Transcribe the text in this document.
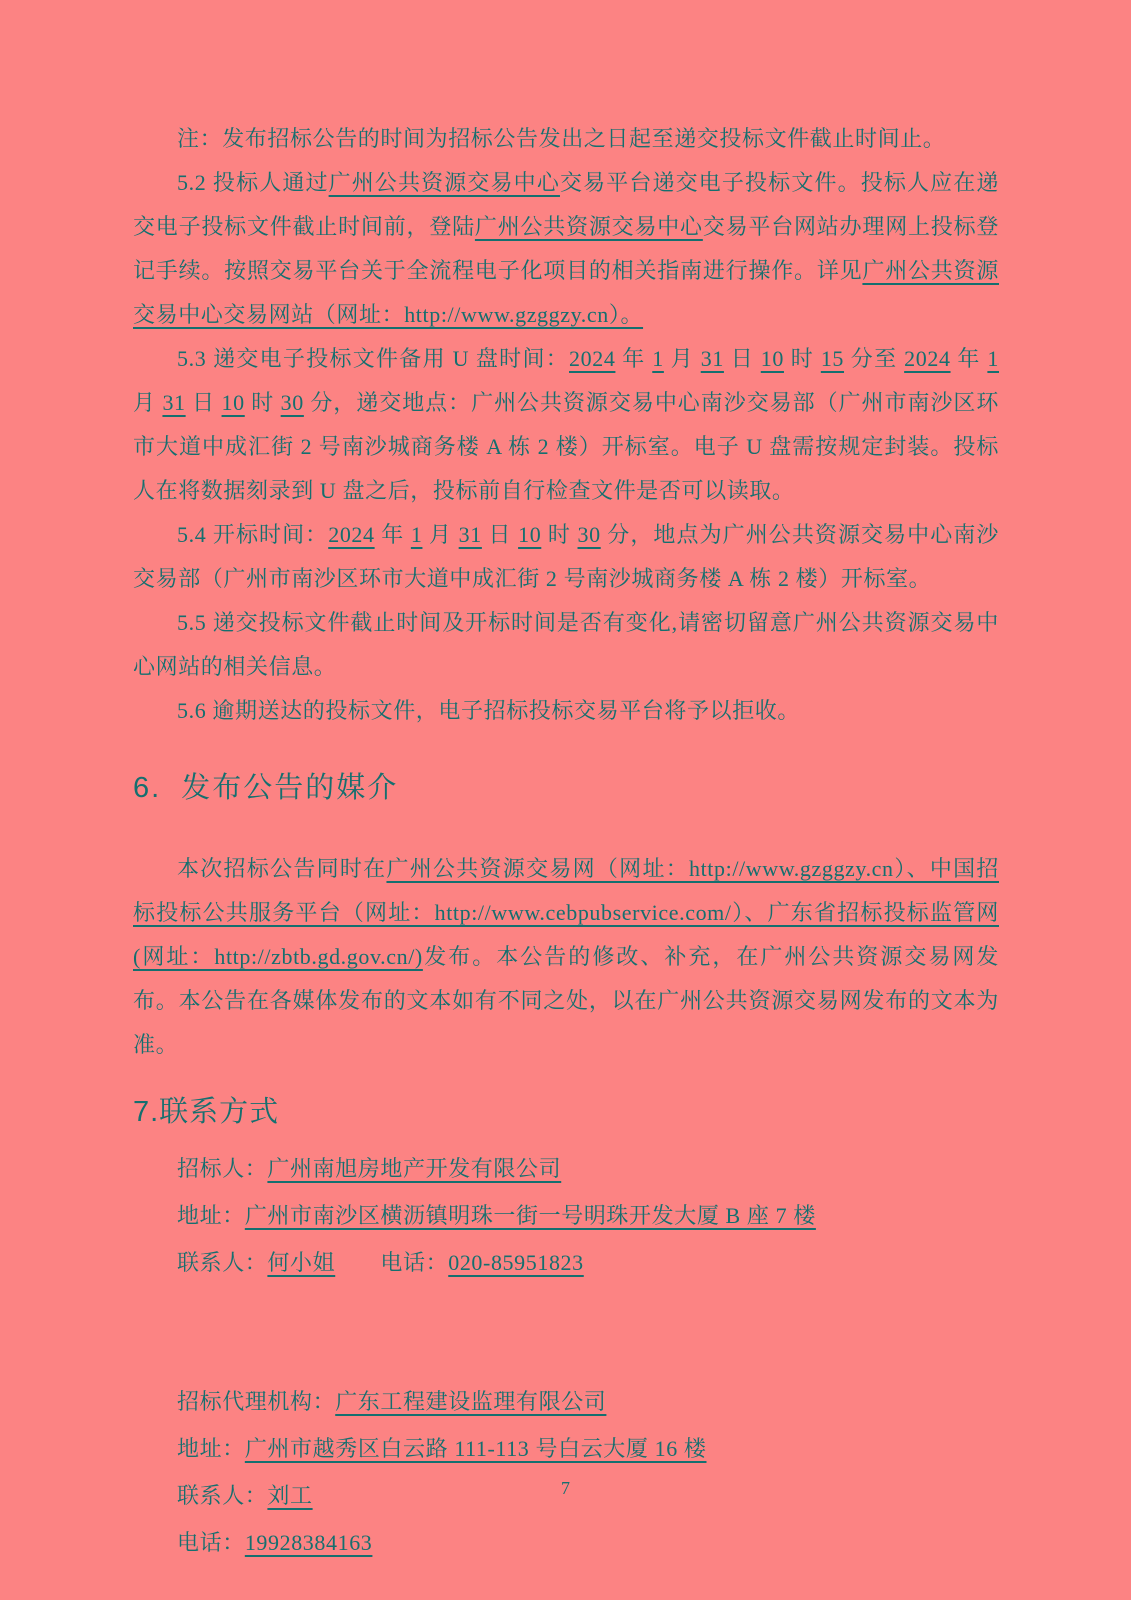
注：发布招标公告的时间为招标公告发出之日起至递交投标文件截止时间止。
5.2 投标人通过广州公共资源交易中心交易平台递交电子投标文件。投标人应在递交电子投标文件截止时间前，登陆广州公共资源交易中心交易平台网站办理网上投标登记手续。按照交易平台关于全流程电子化项目的相关指南进行操作。详见广州公共资源交易中心交易网站（网址：http://www.gzggzy.cn）。
5.3 递交电子投标文件备用 U 盘时间：2024 年 1 月 31 日 10 时 15 分至 2024 年 1 月 31 日 10 时 30 分，递交地点：广州公共资源交易中心南沙交易部（广州市南沙区环市大道中成汇街 2 号南沙城商务楼 A 栋 2 楼）开标室。电子 U 盘需按规定封装。投标人在将数据刻录到 U 盘之后，投标前自行检查文件是否可以读取。
5.4 开标时间：2024 年 1 月 31 日 10 时 30 分，地点为广州公共资源交易中心南沙交易部（广州市南沙区环市大道中成汇街 2 号南沙城商务楼 A 栋 2 楼）开标室。
5.5 递交投标文件截止时间及开标时间是否有变化,请密切留意广州公共资源交易中心网站的相关信息。
5.6 逾期送达的投标文件，电子招标投标交易平台将予以拒收。
6.  发布公告的媒介
本次招标公告同时在广州公共资源交易网（网址：http://www.gzggzy.cn）、中国招标投标公共服务平台（网址：http://www.cebpubservice.com/）、广东省招标投标监管网(网址：http://zbtb.gd.gov.cn/)发布。本公告的修改、补充，在广州公共资源交易网发布。本公告在各媒体发布的文本如有不同之处，以在广州公共资源交易网发布的文本为准。
7.联系方式
招标人：广州南旭房地产开发有限公司
地址：广州市南沙区横沥镇明珠一街一号明珠开发大厦 B 座 7 楼
联系人：何小姐　　电话：020-85951823
招标代理机构：广东工程建设监理有限公司
地址：广州市越秀区白云路 111-113 号白云大厦 16 楼
联系人：刘工
电话：19928384163
7
